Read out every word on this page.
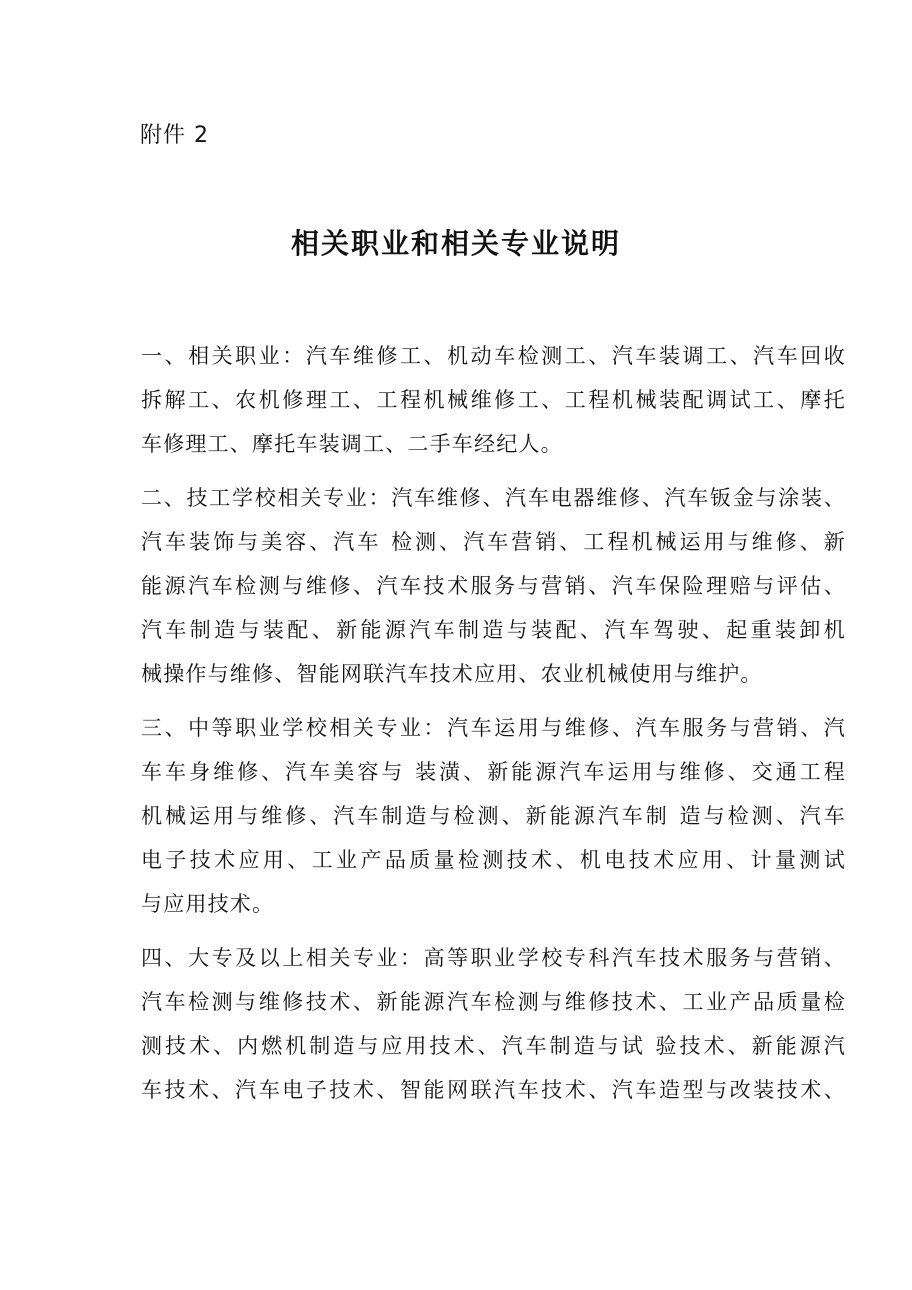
附件 2
相关职业和相关专业说明
一、相关职业：汽车维修工、机动车检测工、汽车装调工、汽车回收
拆解工、农机修理工、工程机械维修工、工程机械装配调试工、摩托
车修理工、摩托车装调工、二手车经纪人。
二、技工学校相关专业：汽车维修、汽车电器维修、汽车钣金与涂装、
汽车装饰与美容、汽车 检测、汽车营销、工程机械运用与维修、新
能源汽车检测与维修、汽车技术服务与营销、汽车保险理赔与评估、
汽车制造与装配、新能源汽车制造与装配、汽车驾驶、起重装卸机
械操作与维修、智能网联汽车技术应用、农业机械使用与维护。
三、中等职业学校相关专业：汽车运用与维修、汽车服务与营销、汽
车车身维修、汽车美容与 装潢、新能源汽车运用与维修、交通工程
机械运用与维修、汽车制造与检测、新能源汽车制 造与检测、汽车
电子技术应用、工业产品质量检测技术、机电技术应用、计量测试
与应用技术。
四、大专及以上相关专业：高等职业学校专科汽车技术服务与营销、
汽车检测与维修技术、新能源汽车检测与维修技术、工业产品质量检
测技术、内燃机制造与应用技术、汽车制造与试 验技术、新能源汽
车技术、汽车电子技术、智能网联汽车技术、汽车造型与改装技术、
